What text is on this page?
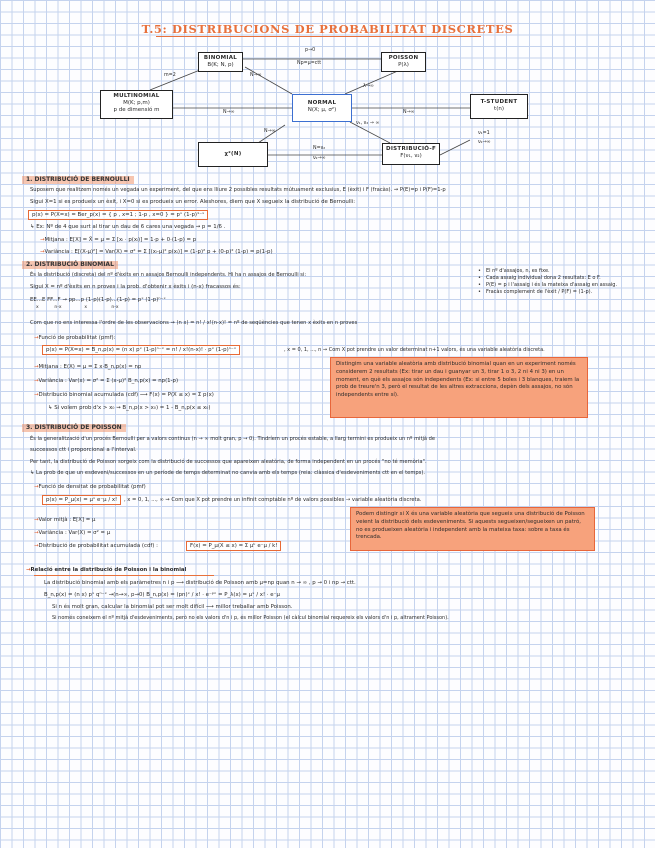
T.5: DISTRIBUCIONS DE PROBABILITAT DISCRETES
BINOMIAL
B(K; N, p)
POISSON
P(λ)
MULTINOMIAL
M(K; p,m)
p de dimensió m
NORMAL
N(X; μ, σ²)
T-STUDENT
t(n)
χ²(N)
DISTRIBUCIÓ-F
F(ν₁, ν₂)
p→0
Np=μ=ctt
m=2	N→∞
λ→∞
N→∞	N→∞
ν₁, ν₂ → ∞
N→∞
N=ν₂
ν₂→∞
ν₁=1
ν₂→∞
1. DISTRIBUCIÓ DE BERNOULLI
Suposem que realitzem només un vegada un experiment, del que ens lliure 2 possibles resultats mútuament exclusius, E (èxit) i F (fracàs). ⇝ P(E)=p i P(F)=1-p
Sigui X=1 si es produeix un èxit, i X=0 si es produeix un error. Aleshores, diem que X segueix la distribució de Bernoulli:
p(x) = P(X=x) = Ber_p(x) = { p , x=1 ; 1-p , x=0 } = pˣ (1-p)¹⁻ˣ
↳ Ex: Nº de 4 que surt al tirar un dau de 6 cares una vegada ⇝ p = 1/6 .
→ Mitjana : E[X] = X̄ = μ = Σ [xᵢ · p(xᵢ)] = 1·p + 0·(1-p) = p
→ Variància : E[(X-μ)²] = Var(X) = σ² = Σ [(xᵢ-μ)² p(xᵢ)] = (1-p)² p + (0-p)² (1-p) = p(1-p)
2. DISTRIBUCIÓ BINOMIAL
És la distribució (discreta) del nº d'èxits en n assajos Bernoulli independents. Hi ha n assajos de Bernoulli si:
Sigui X = nº d'èxits en n proves i la prob. d'obtenir x èxits i (n-x) fracassos és:
EE...E FF...F → pp...p (1-p)(1-p)...(1-p) = pˣ (1-p)ⁿ⁻ˣ
x           n-x                x                 n-x
• El nº d'assajos, n, es fixe.
• Cada assaig individual dona 2 resultats: E o F.
• P(E) = p i l'assaig i és la mateixa d'assaig en assaig.
• Fracàs complement de l'èxit / P(F) = (1-p).
Com que no ens interessa l'ordre de les observacions ⇝ (n x) = n! / x!(n-x)! = nº de seqüències que tenen x èxits en n proves
→ Funció de probabilitat (pmf):
p(x) = P(X=x) = B_n,p(x) = (n x) pˣ (1-p)ⁿ⁻ˣ = n! / x!(n-x)! · pˣ (1-p)ⁿ⁻ˣ	, x = 0, 1, ..., n ⇝ Com X pot prendre un valor determinat n+1 valors, és una variable aleatòria discreta.
→ Mitjana : E(X) = μ = Σ x·B_n,p(x) = np
→ Variància : Var(x) = σ² = Σ (x-μ)² B_n,p(x) = np(1-p)
→ Distribució binomial acumulada (cdf) ⟶ F(x) = P(X ≤ x) = Σ p(x)
↳ Si volem prob d'x > x₀ ⇝ B_n,p(x > x₀) = 1 - B_n,p(x ≤ x₀)
Distingim una variable aleatòria amb distribució binomial quan en un experiment només considerem 2 resultats (Ex: tirar un dau i guanyar un 3, tirar 1 o 3, 2 ni 4 ni 3) en un moment, en què els assajos són independents (Ex: si entre 5 boles i 3 blanques, traiem la prob de treure'n 3, però el resultat de les altres extraccions, depèn dels assajos, no són independents entre sí).
3. DISTRIBUCIÓ DE POISSON
És la generalització d'un procés Bernoulli per a valors continus (n → ∞ molt gran, p → 0). Tindríem un procés estable, a llarg termini es produeix un nº mitjà de
successos ctt i proporcional a l'interval.
Per tant, la distribució de Poisson sorgeix com la distribució de successos que apareixen aleatòria, de forma independent en un procés "no té memòria".
↳ La prob de que un esdeveni/successos en un període de temps determinat no canvia amb els temps (reia: clàssica d'esdeveniments ctt en el temps).
→ Funció de densitat de probabilitat (pmf)
p(x) = P_μ(x) = μˣ e⁻μ / x!	, x = 0, 1, ..., ∞ ⇝ Com que X pot prendre un infinit comptable nº de valors possibles → variable aleatòria discreta.
→ Valor mitjà : E[X] = μ
→ Variància : Var(X) = σ² = μ
→ Distribució de probabilitat acumulada (cdf) :	F(x) = P_μ(X ≤ x) = Σ μᵏ e⁻μ / k!
Podem distingir si X és una variable aleatòria que segueix una distribució de Poisson veient la distribució dels esdeveniments. Si aquests segueixen/segueixen un patró, no es produeixen aleatòria i independent amb la mateixa taxa: sobre a taxa és trencada.
→ Relació entre la distribució de Poisson i la binomial
La distribució binomial amb els paràmetres n i p ⟶ distribució de Poisson amb μ=np quan n → ∞ , p → 0 i np → ctt.
B_n,p(x) = (n x) pˣ qⁿ⁻ˣ →(n→∞, p→0) B_n,p(x) = (pn)ˣ / x! · e⁻ᵖⁿ = P_λ(x) = μˣ / x! · e⁻μ
Si n és molt gran, calcular la binomial pot ser molt difícil ⟶ millor treballar amb Poisson.
Si només coneixem el nº mitjà d'esdeveniments, però no els valors d'n i p, és millor Poisson (el càlcul binomial requereix els valors d'n i p, altrament Poisson).
